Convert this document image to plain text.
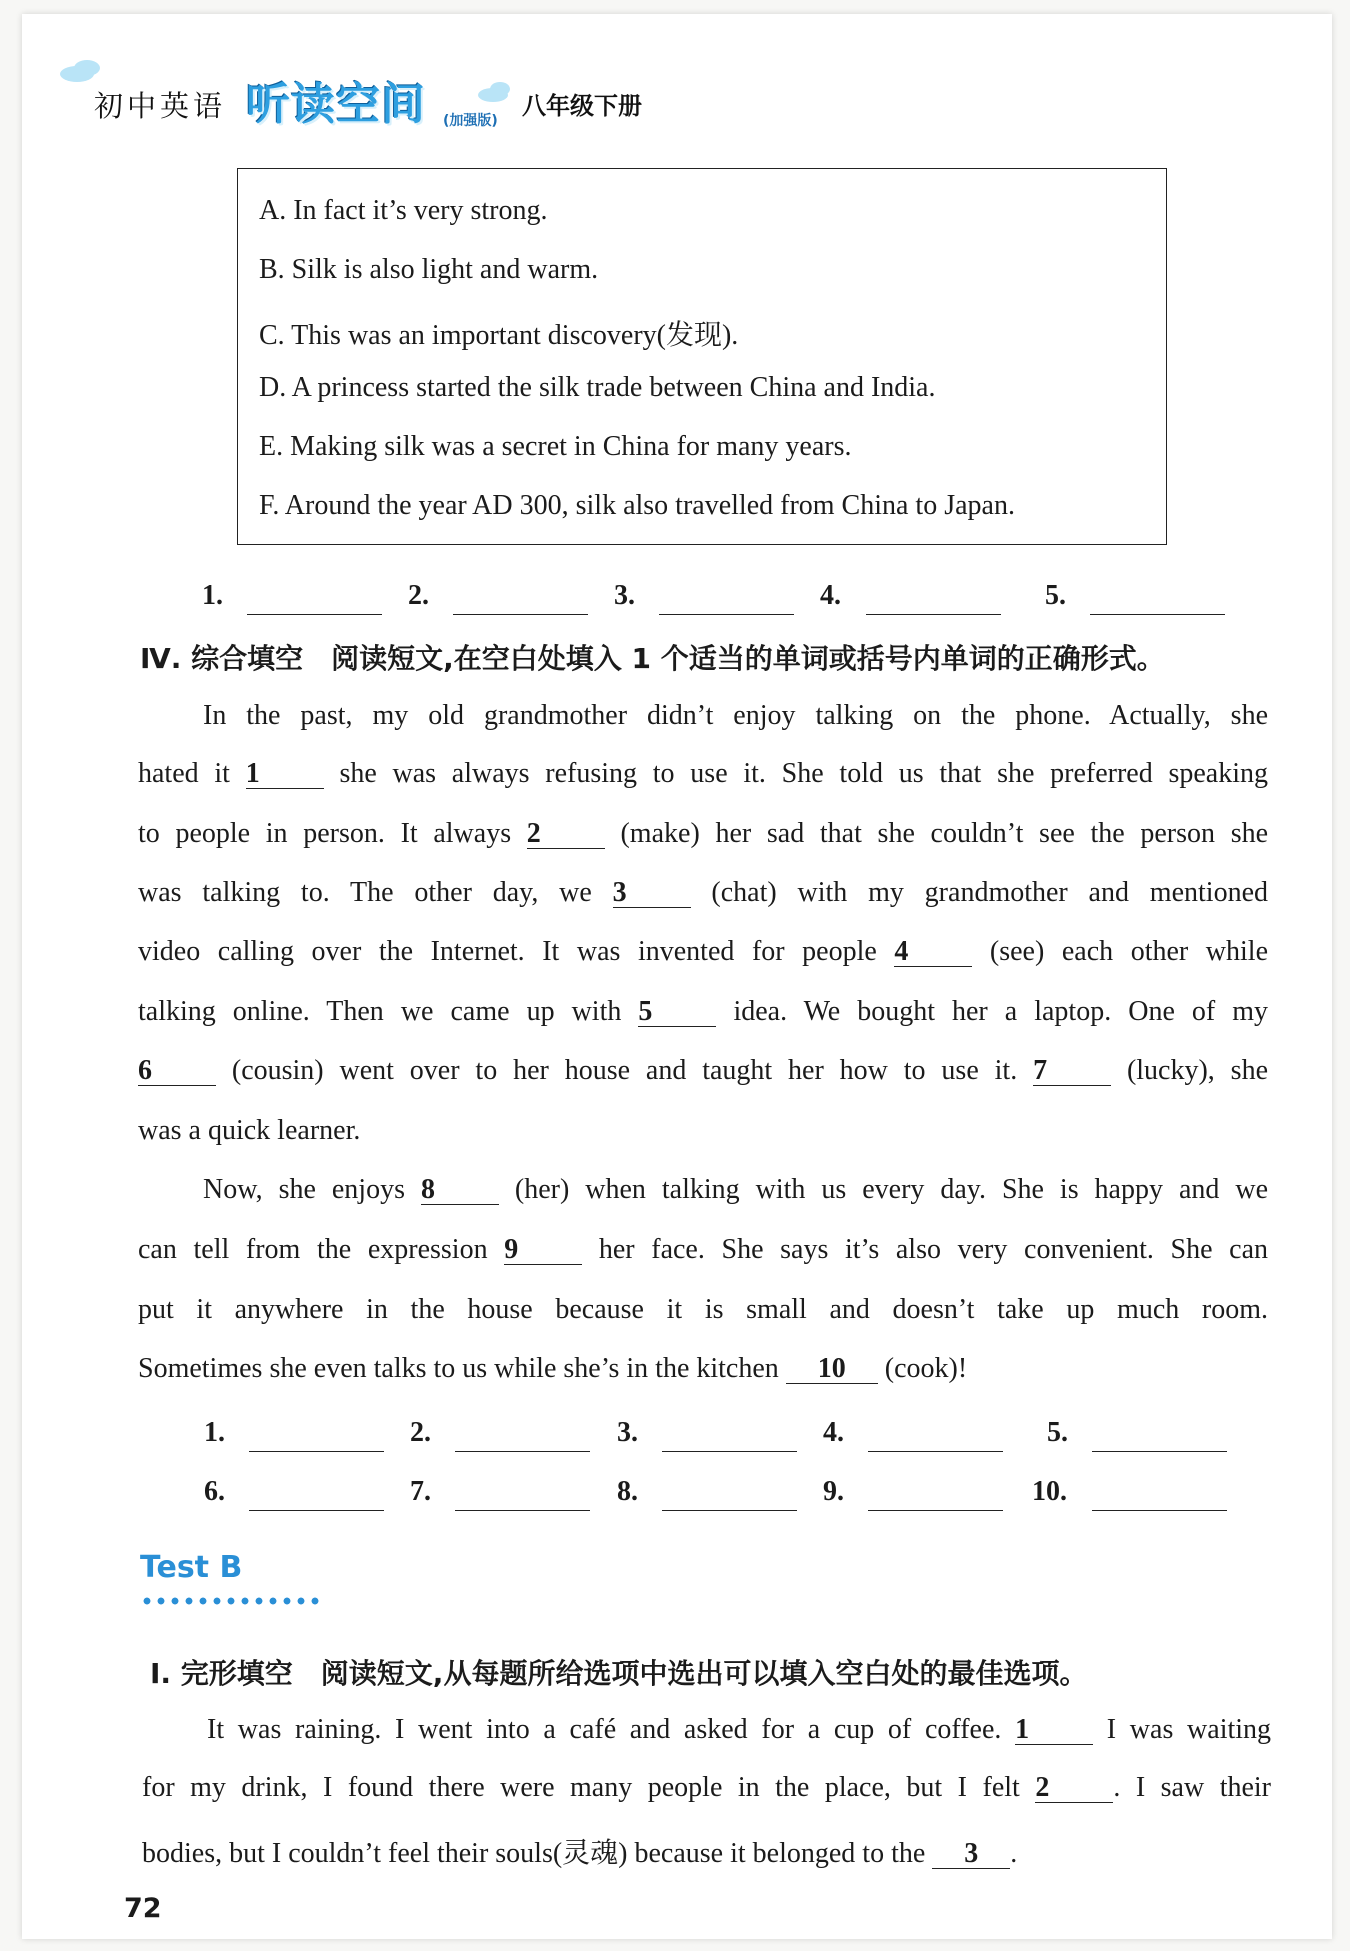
初中英语 听读空间 (加强版)
八年级下册
A. In fact it’s very strong.
B. Silk is also light and warm.
C. This was an important discovery(发现).
D. A princess started the silk trade between China and India.
E. Making silk was a secret in China for many years.
F. Around the year AD 300, silk also travelled from China to Japan.
1.	2.	3.	4.	5.
Ⅳ. 综合填空　阅读短文,在空白处填入 1 个适当的单词或括号内单词的正确形式。
In the past, my old grandmother didn’t enjoy talking on the phone. Actually, she
hated it 1	she was always refusing to use it. She told us that she preferred speaking
to people in person. It always 2	(make) her sad that she couldn’t see the person she
was talking to. The other day, we 3	(chat) with my grandmother and mentioned
video calling over the Internet. It was invented for people 4	(see) each other while
talking online. Then we came up with 5	idea. We bought her a laptop. One of my
6	(cousin) went over to her house and taught her how to use it. 7	(lucky), she
was a quick learner.
Now, she enjoys 8	(her) when talking with us every day. She is happy and we
can tell from the expression 9	her face. She says it’s also very convenient. She can
put it anywhere in the house because it is small and doesn’t take up much room.
Sometimes she even talks to us while she’s in the kitchen 10 (cook)!
1.	2.	3.	4.	5.
6.	7.	8.	9.	10.
Test B
Ⅰ. 完形填空　阅读短文,从每题所给选项中选出可以填入空白处的最佳选项。
It was raining. I went into a café and asked for a cup of coffee. 1	I was waiting
for my drink, I found there were many people in the place, but I felt 2 . I saw their
bodies, but I couldn’t feel their souls(灵魂) because it belonged to the 3 .
72
